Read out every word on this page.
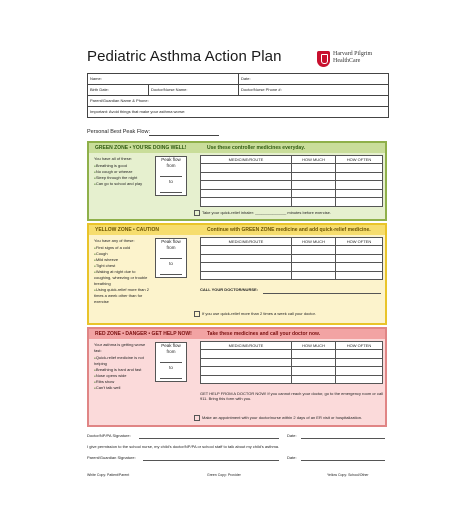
Pediatric Asthma Action Plan	Harvard Pilgrim
HealthCare
Name:	Date:
Birth Date:	Doctor/Nurse Name:	Doctor/Nurse Phone #:
Parent/Guardian Name & Phone:
Important: Avoid things that make your asthma worse:
Personal Best Peak Flow:
GREEN ZONE • YOU'RE DOING WELL!	Use these controller medicines everyday.
You have all of these:
● Breathing is good
● No cough or wheeze
● Sleep through the night
● Can go to school and play
Peak flow
from
to
MEDICINE/ROUTE	HOW MUCH	HOW OFTEN

Take your quick-relief inhaler: ______________ minutes before exercise.
YELLOW ZONE • CAUTION	Continue with GREEN ZONE medicine and add quick-relief medicine.
You have any of these:
● First signs of a cold
● Cough
● Mild wheeze
● Tight chest
● Waking at night due to coughing, wheezing or trouble breathing
● Using quick-relief more than 2 times a week other than for exercise
Peak flow
from
to
MEDICINE/ROUTE	HOW MUCH	HOW OFTEN

CALL YOUR DOCTOR/NURSE:
If you use quick-relief more than 2 times a week call your doctor.
RED ZONE • DANGER • GET HELP NOW!	Take these medicines and call your doctor now.
Your asthma is getting worse fast:
● Quick-relief medicine is not helping
● Breathing is hard and fast
● Nose opens wide
● Ribs show
● Can't talk well
Peak flow
from
to
MEDICINE/ROUTE	HOW MUCH	HOW OFTEN

GET HELP FROM A DOCTOR NOW! If you cannot reach your doctor, go to the emergency room or call 911. Bring this form with you.
Make an appointment with your doctor/nurse within 2 days of an ER visit or hospitalization.
Doctor/NP/PA Signature:	Date:
I give permission to the school nurse, my child's doctor/NP/PA or school staff to talk about my child's asthma.
Parent/Guardian Signature:	Date:
White Copy: Patient/Parent	Green Copy: Provider	Yellow Copy: School/Other
